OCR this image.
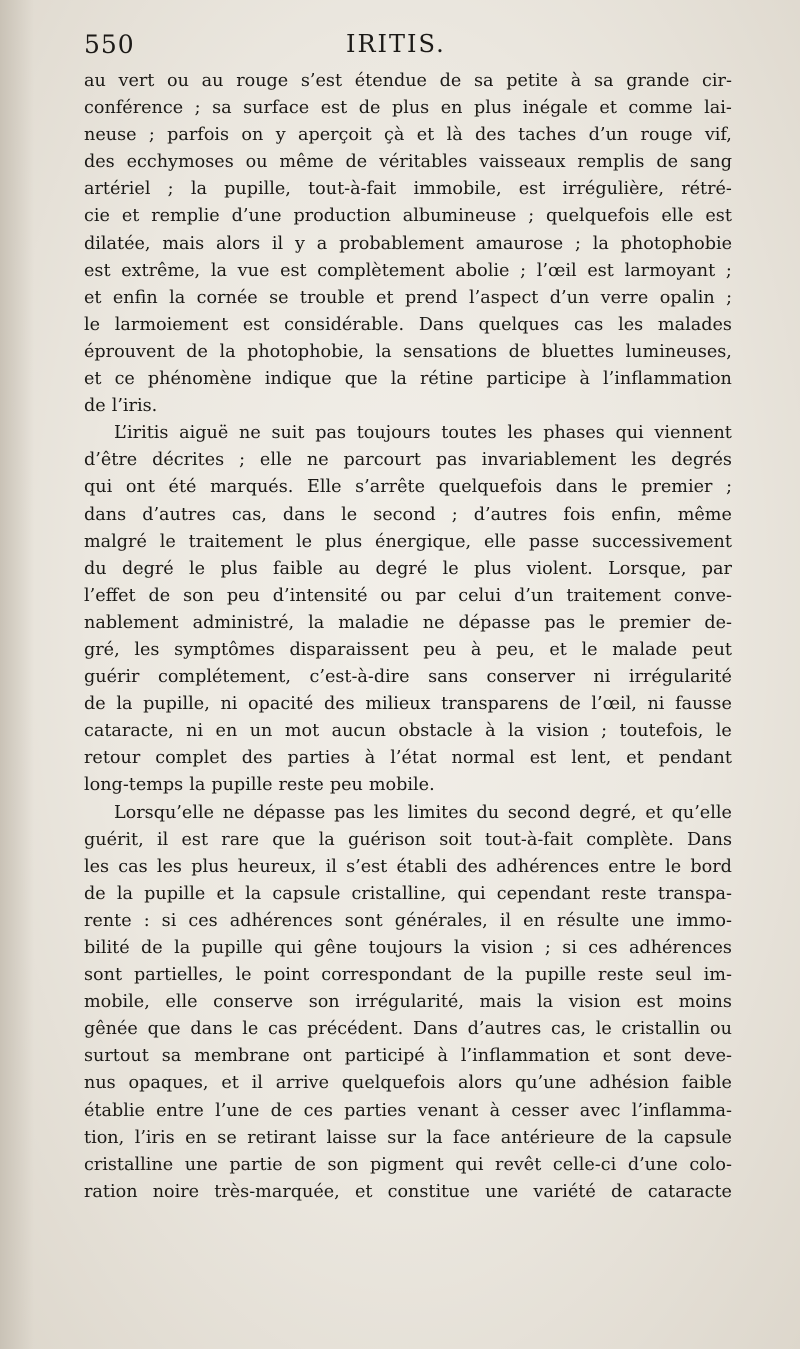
550	IRITIS.
au vert ou au rouge s’est étendue de sa petite à sa grande cir-
conférence ; sa surface est de plus en plus inégale et comme lai-
neuse ; parfois on y aperçoit çà et là des taches d’un rouge vif,
des ecchymoses ou même de véritables vaisseaux remplis de sang
artériel ; la pupille, tout-à-fait immobile, est irrégulière, rétré-
cie et remplie d’une production albumineuse ; quelquefois elle est
dilatée, mais alors il y a probablement amaurose ; la photophobie
est extrême, la vue est complètement abolie ; l’œil est larmoyant ;
et enfin la cornée se trouble et prend l’aspect d’un verre opalin ;
le larmoiement est considérable. Dans quelques cas les malades
éprouvent de la photophobie, la sensations de bluettes lumineuses,
et ce phénomène indique que la rétine participe à l’inflammation
de l’iris.
L’iritis aiguë ne suit pas toujours toutes les phases qui viennent
d’être décrites ; elle ne parcourt pas invariablement les degrés
qui ont été marqués. Elle s’arrête quelquefois dans le premier ;
dans d’autres cas, dans le second ; d’autres fois enfin, même
malgré le traitement le plus énergique, elle passe successivement
du degré le plus faible au degré le plus violent. Lorsque, par
l’effet de son peu d’intensité ou par celui d’un traitement conve-
nablement administré, la maladie ne dépasse pas le premier de-
gré, les symptômes disparaissent peu à peu, et le malade peut
guérir complétement, c’est-à-dire sans conserver ni irrégularité
de la pupille, ni opacité des milieux transparens de l’œil, ni fausse
cataracte, ni en un mot aucun obstacle à la vision ; toutefois, le
retour complet des parties à l’état normal est lent, et pendant
long-temps la pupille reste peu mobile.
Lorsqu’elle ne dépasse pas les limites du second degré, et qu’elle
guérit, il est rare que la guérison soit tout-à-fait complète. Dans
les cas les plus heureux, il s’est établi des adhérences entre le bord
de la pupille et la capsule cristalline, qui cependant reste transpa-
rente : si ces adhérences sont générales, il en résulte une immo-
bilité de la pupille qui gêne toujours la vision ; si ces adhérences
sont partielles, le point correspondant de la pupille reste seul im-
mobile, elle conserve son irrégularité, mais la vision est moins
gênée que dans le cas précédent. Dans d’autres cas, le cristallin ou
surtout sa membrane ont participé à l’inflammation et sont deve-
nus opaques, et il arrive quelquefois alors qu’une adhésion faible
établie entre l’une de ces parties venant à cesser avec l’inflamma-
tion, l’iris en se retirant laisse sur la face antérieure de la capsule
cristalline une partie de son pigment qui revêt celle-ci d’une colo-
ration noire très-marquée, et constitue une variété de cataracte
